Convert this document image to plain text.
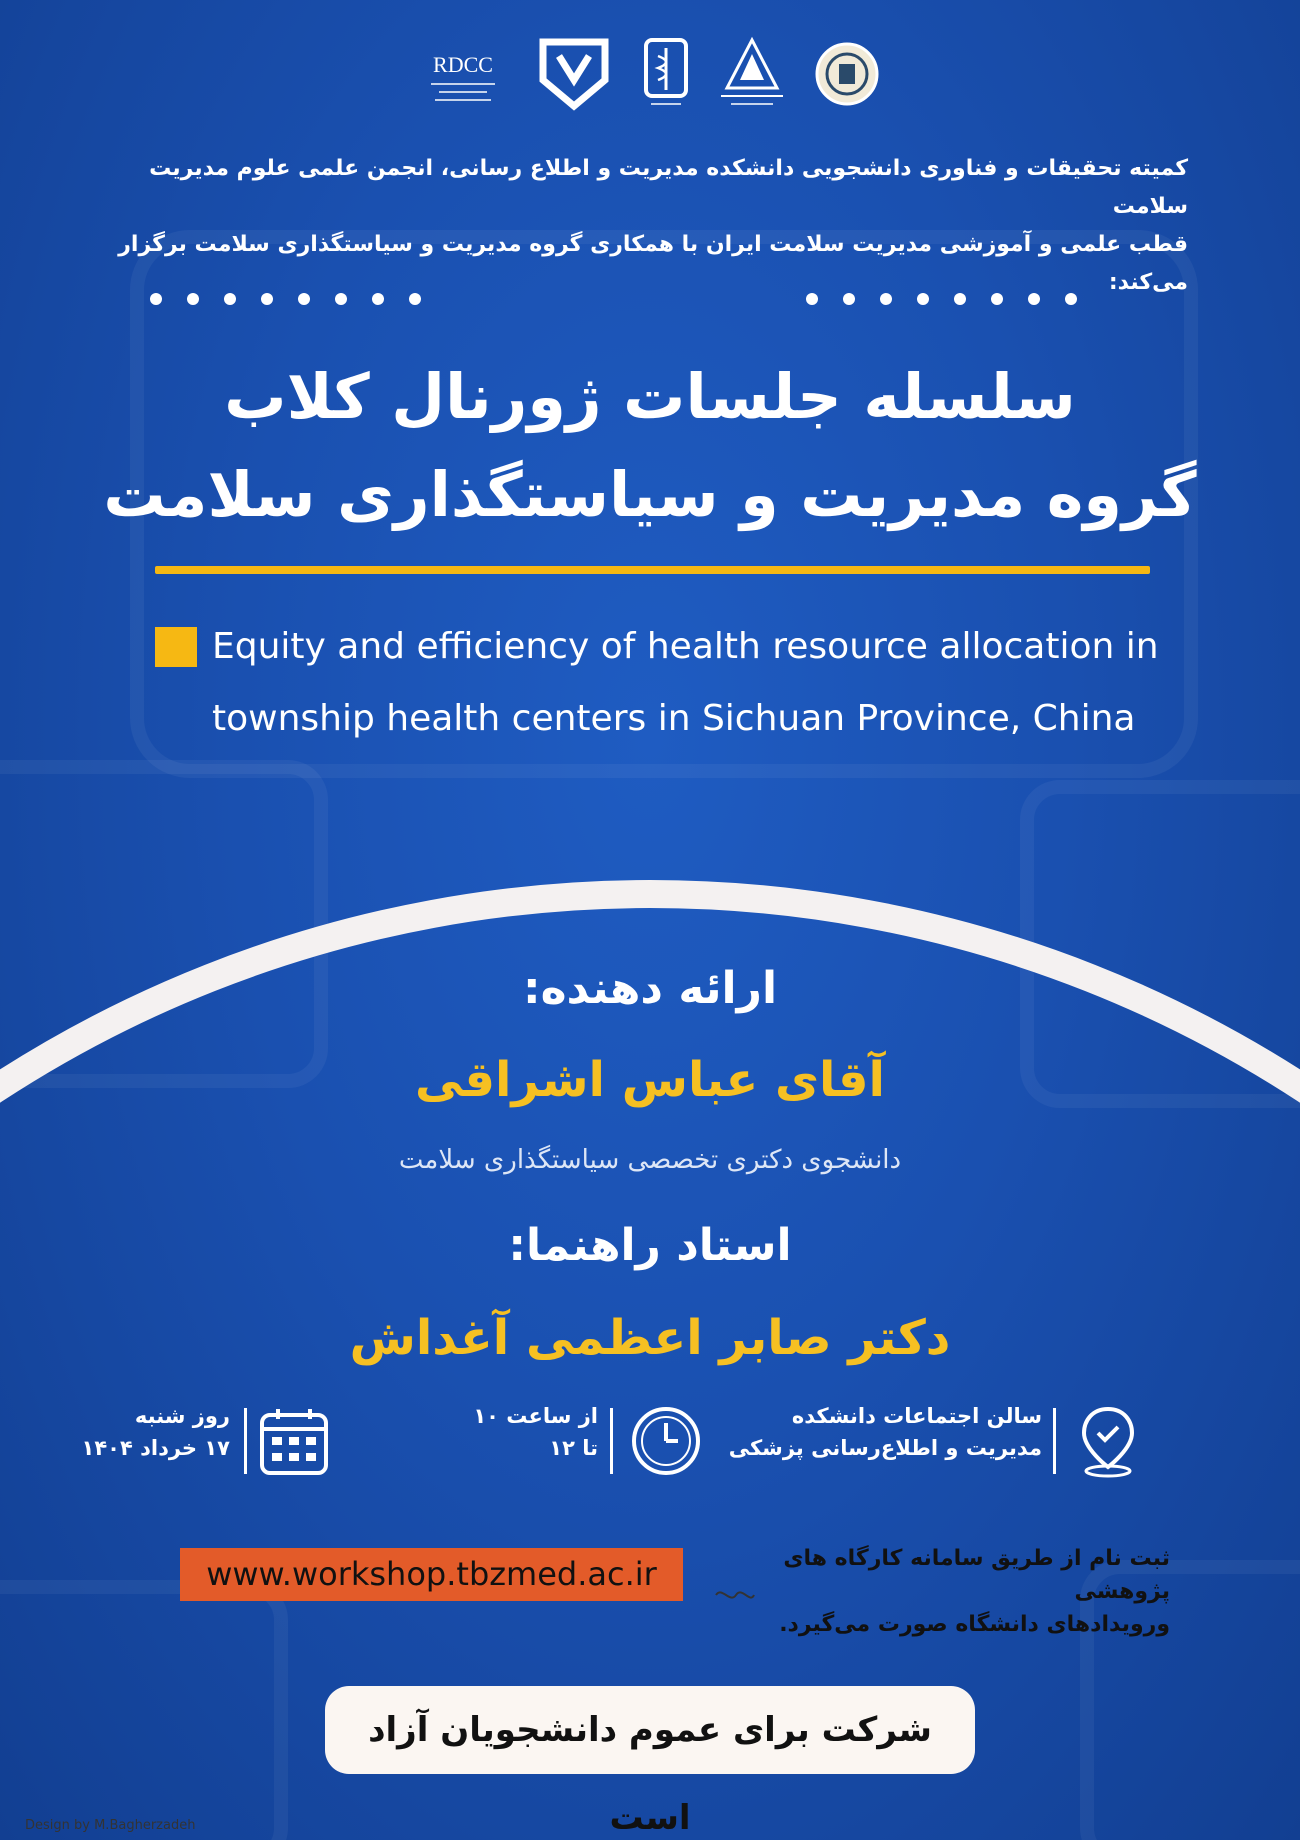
RDCC
کمیته تحقیقات و فناوری دانشجویی دانشکده مدیریت و اطلاع رسانی، انجمن علمی علوم مدیریت سلامت
قطب علمی و آموزشی مدیریت سلامت ایران با همکاری گروه مدیریت و سیاستگذاری سلامت برگزار می‌کند:
سلسله جلسات ژورنال کلاب
گروه مدیریت و سیاستگذاری سلامت
Equity and efficiency of health resource allocation in
township health centers in Sichuan Province, China
ارائه دهنده:
آقای عباس اشراقی
دانشجوی دکتری تخصصی سیاستگذاری سلامت
استاد راهنما:
دکتر صابر اعظمی آغداش
سالن اجتماعات دانشکده
مدیریت و اطلاع‌رسانی پزشکی
از ساعت ۱۰
تا ۱۲
روز شنبه
۱۷ خرداد ۱۴۰۴
www.workshop.tbzmed.ac.ir	ثبت نام از طریق سامانه کارگاه های پژوهشی
ورویدادهای دانشگاه صورت می‌گیرد.
شرکت برای عموم دانشجویان آزاد است
Design by M.Bagherzadeh
